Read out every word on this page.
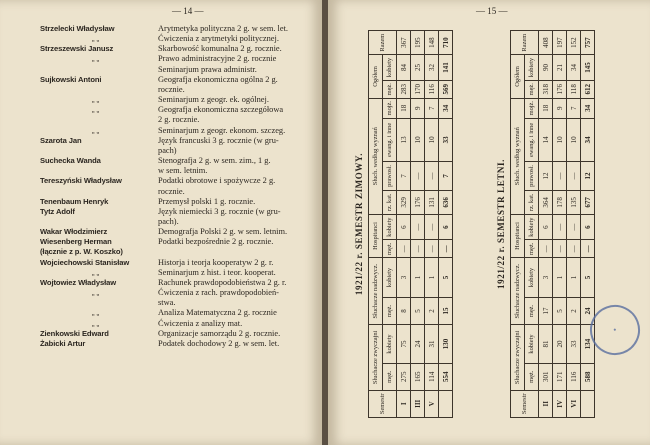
— 14 —
Strzelecki Władysław	Arytmetyka polityczna 2 g. w sem. let.
„ „	Ćwiczenia z arytmetyki politycznej.
Strzeszewski Janusz	Skarbowość komunalna 2 g. rocznie.
„ „	Prawo administracyjne 2 g. rocznie
Seminarjum prawa administr.
Sujkowski Antoni	Geografja ekonomiczna ogólna 2 g.
rocznie.
„ „	Seminarjum z geogr. ek. ogólnej.
„ „	Geografja ekonomiczna szczegółowa
2 g. rocznie.
„ „	Seminarjum z geogr. ekonom. szczeg.
Szarota Jan	Język francuski 3 g. rocznie (w gru-
pach)
Suchecka Wanda	Stenografja 2 g. w sem. zim., 1 g.
w sem. letnim.
Tereszyński Władysław	Podatki obrotowe i spożywcze 2 g.
rocznie.
Tenenbaum Henryk	Przemysł polski 1 g. rocznie.
Tytz Adolf	Język niemiecki 3 g. rocznie (w gru-
pach).
Wakar Włodzimierz	Demografja Polski 2 g. w sem. letnim.
Wiesenberg Herman	Podatki bezpośrednie 2 g. rocznie.
(łącznie z p. W. Koszko)
Wojciechowski Stanisław	Historja i teorja kooperatyw 2 g. r.
„ „	Seminarjum z hist. i teor. kooperat.
Wojtowiez Władysław	Rachunek prawdopodobieństwa 2 g. r.
„ „	Ćwiczenia z rach. prawdopodobień-
stwa.
„ „	Analiza Matematyczna 2 g. rocznie
„ „	Ćwiczenia z analizy mat.
Zienkowski Edward	Organizacje samorządu 2 g. rocznie.
Żabicki Artur	Podatek dochodowy 2 g. w sem. let.
— 15 —
1921/22 r. SEMESTR ZIMOWY.
Semestr	Słuchacze zwyczajni		Słuchacze nadzwycz.		Hospitanci		Słuch. według wyznań				Ogółem		Razem
	męż.	kobiety	męż.	kobiety	męż.	kobiety	rz. kat.	prawosł.	ewang. i inne	mojż.	męż.	kobiety	
I	275	75	8	3	—	6	329	7	13	18	283	84	367
III	165	24	5	1	—	—	176	—	10	9	170	25	195
V	114	31	2	1	—	—	131	—	10	7	116	32	148
	554	130	15	5	—	6	636	7	33	34	569	141	710
1921/22 r. SEMESTR LETNI.
Semestr	Słuchacze zwyczajni		Słuchacze nadzwycz.		Hospitanci		Słuch. według wyznań				Ogółem		Razem
	męż.	kobiety	męż.	kobiety	męż.	kobiety	rz. kat.	prawosł.	ewang. i inne	mojż.	męż.	kobiety	
II	301	81	17	3	—	6	364	12	14	18	318	90	408
IV	171	20	5	1	—	—	178	—	10	9	176	21	197
VI	116	33	2	1	—	—	135	—	10	7	118	34	152
	588	134	24	5	—	6	677	12	34	34	612	145	757
●
